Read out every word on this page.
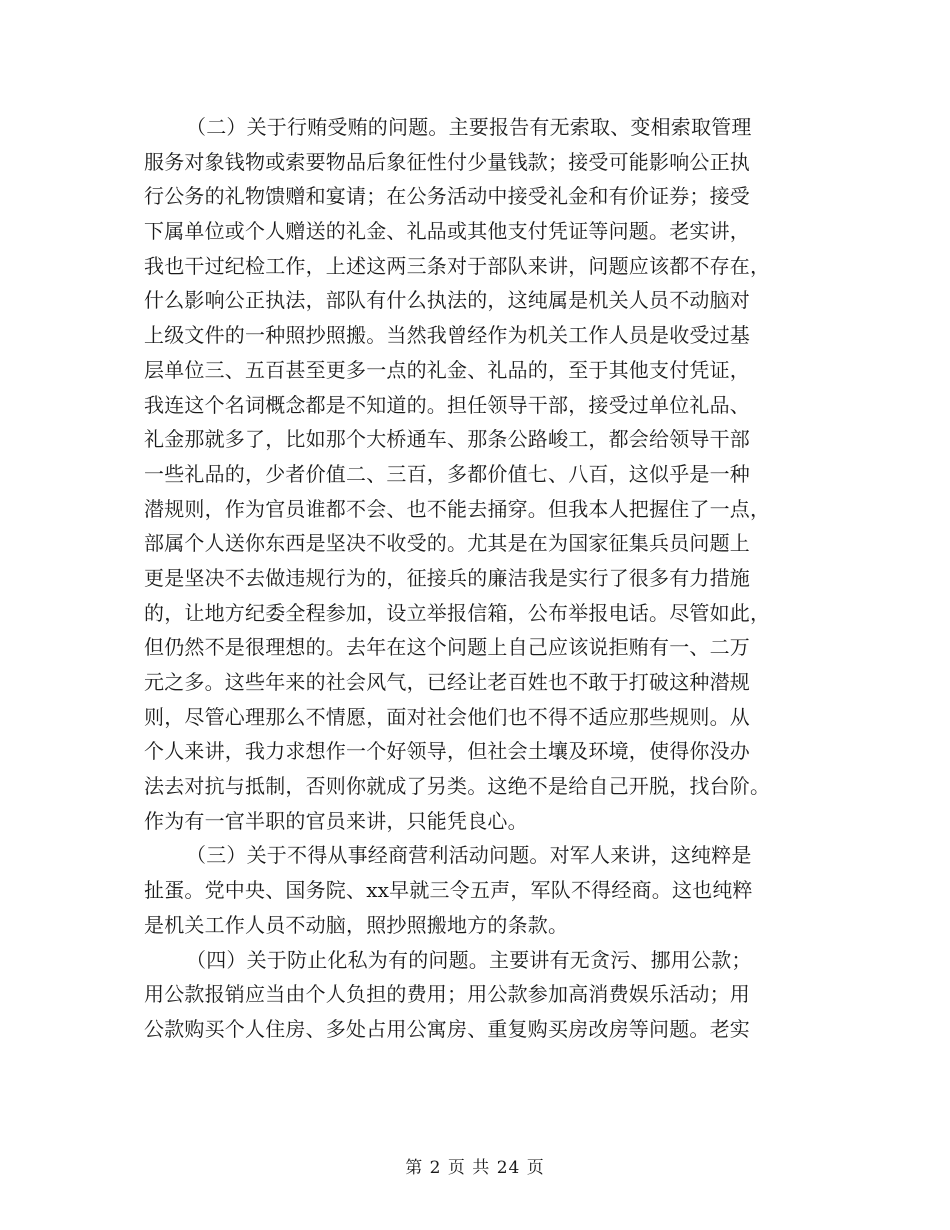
（二）关于行贿受贿的问题。主要报告有无索取、变相索取管理
服务对象钱物或索要物品后象征性付少量钱款；接受可能影响公正执
行公务的礼物馈赠和宴请；在公务活动中接受礼金和有价证券；接受
下属单位或个人赠送的礼金、礼品或其他支付凭证等问题。老实讲，
我也干过纪检工作，上述这两三条对于部队来讲，问题应该都不存在，
什么影响公正执法，部队有什么执法的，这纯属是机关人员不动脑对
上级文件的一种照抄照搬。当然我曾经作为机关工作人员是收受过基
层单位三、五百甚至更多一点的礼金、礼品的，至于其他支付凭证，
我连这个名词概念都是不知道的。担任领导干部，接受过单位礼品、
礼金那就多了，比如那个大桥通车、那条公路峻工，都会给领导干部
一些礼品的，少者价值二、三百，多都价值七、八百，这似乎是一种
潜规则，作为官员谁都不会、也不能去捅穿。但我本人把握住了一点，
部属个人送你东西是坚决不收受的。尤其是在为国家征集兵员问题上
更是坚决不去做违规行为的，征接兵的廉洁我是实行了很多有力措施
的，让地方纪委全程参加，设立举报信箱，公布举报电话。尽管如此，
但仍然不是很理想的。去年在这个问题上自己应该说拒贿有一、二万
元之多。这些年来的社会风气，已经让老百姓也不敢于打破这种潜规
则，尽管心理那么不情愿，面对社会他们也不得不适应那些规则。从
个人来讲，我力求想作一个好领导，但社会土壤及环境，使得你没办
法去对抗与抵制，否则你就成了另类。这绝不是给自己开脱，找台阶。
作为有一官半职的官员来讲，只能凭良心。
（三）关于不得从事经商营利活动问题。对军人来讲，这纯粹是
扯蛋。党中央、国务院、xx早就三令五声，军队不得经商。这也纯粹
是机关工作人员不动脑，照抄照搬地方的条款。
（四）关于防止化私为有的问题。主要讲有无贪污、挪用公款；
用公款报销应当由个人负担的费用；用公款参加高消费娱乐活动；用
公款购买个人住房、多处占用公寓房、重复购买房改房等问题。老实
第 2 页 共 24 页
